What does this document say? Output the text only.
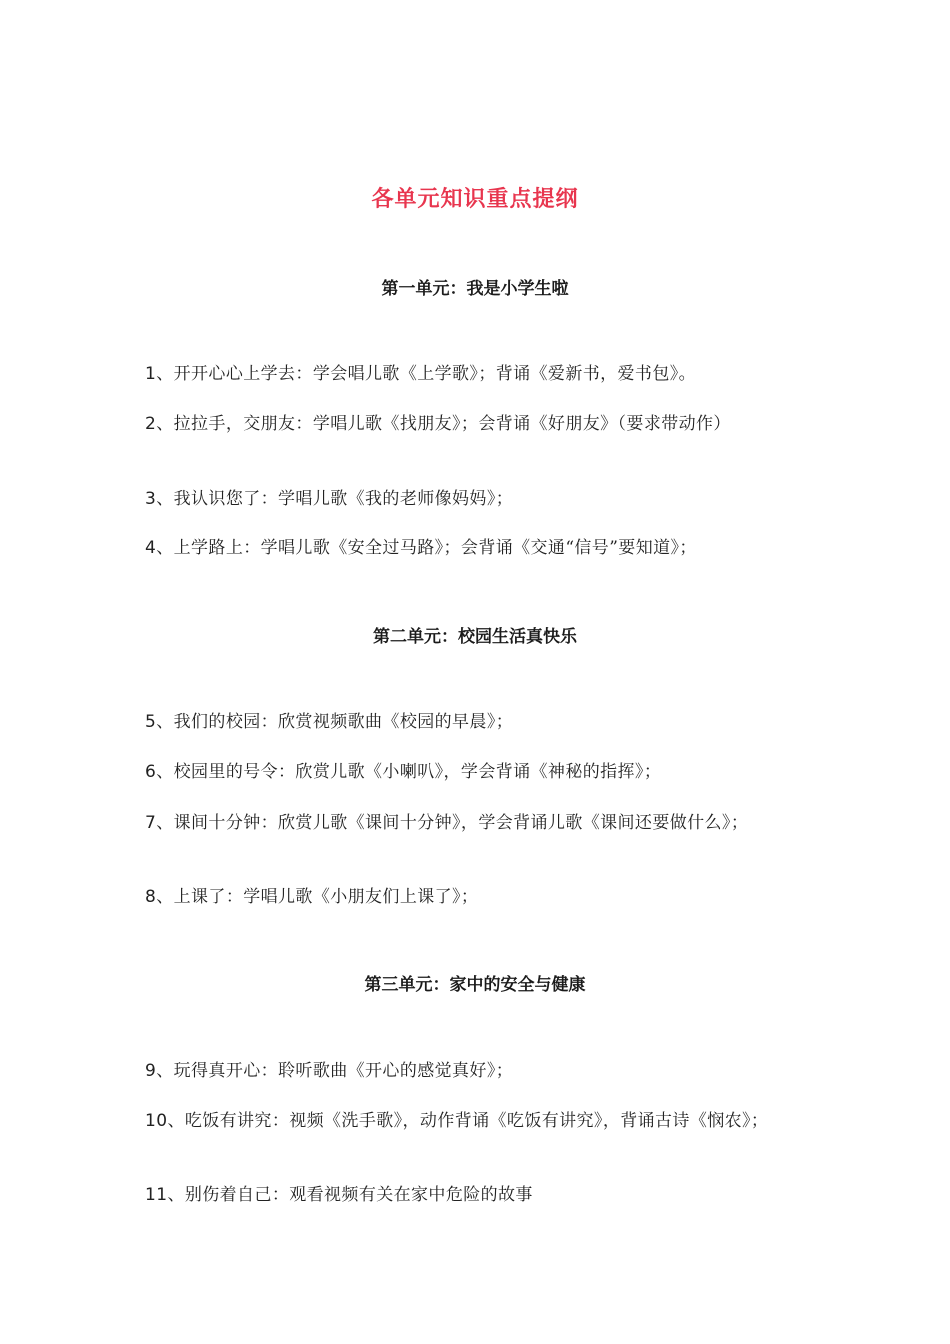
各单元知识重点提纲
第一单元：我是小学生啦
1、开开心心上学去：学会唱儿歌《上学歌》；背诵《爱新书，爱书包》。
2、拉拉手，交朋友：学唱儿歌《找朋友》；会背诵《好朋友》（要求带动作）
3、我认识您了：学唱儿歌《我的老师像妈妈》；
4、上学路上：学唱儿歌《安全过马路》；会背诵《交通“信号”要知道》；
第二单元：校园生活真快乐
5、我们的校园：欣赏视频歌曲《校园的早晨》；
6、校园里的号令：欣赏儿歌《小喇叭》，学会背诵《神秘的指挥》；
7、课间十分钟：欣赏儿歌《课间十分钟》，学会背诵儿歌《课间还要做什么》；
8、上课了：学唱儿歌《小朋友们上课了》；
第三单元：家中的安全与健康
9、玩得真开心：聆听歌曲《开心的感觉真好》；
10、吃饭有讲究：视频《洗手歌》，动作背诵《吃饭有讲究》，背诵古诗《悯农》；
11、别伤着自己：观看视频有关在家中危险的故事
